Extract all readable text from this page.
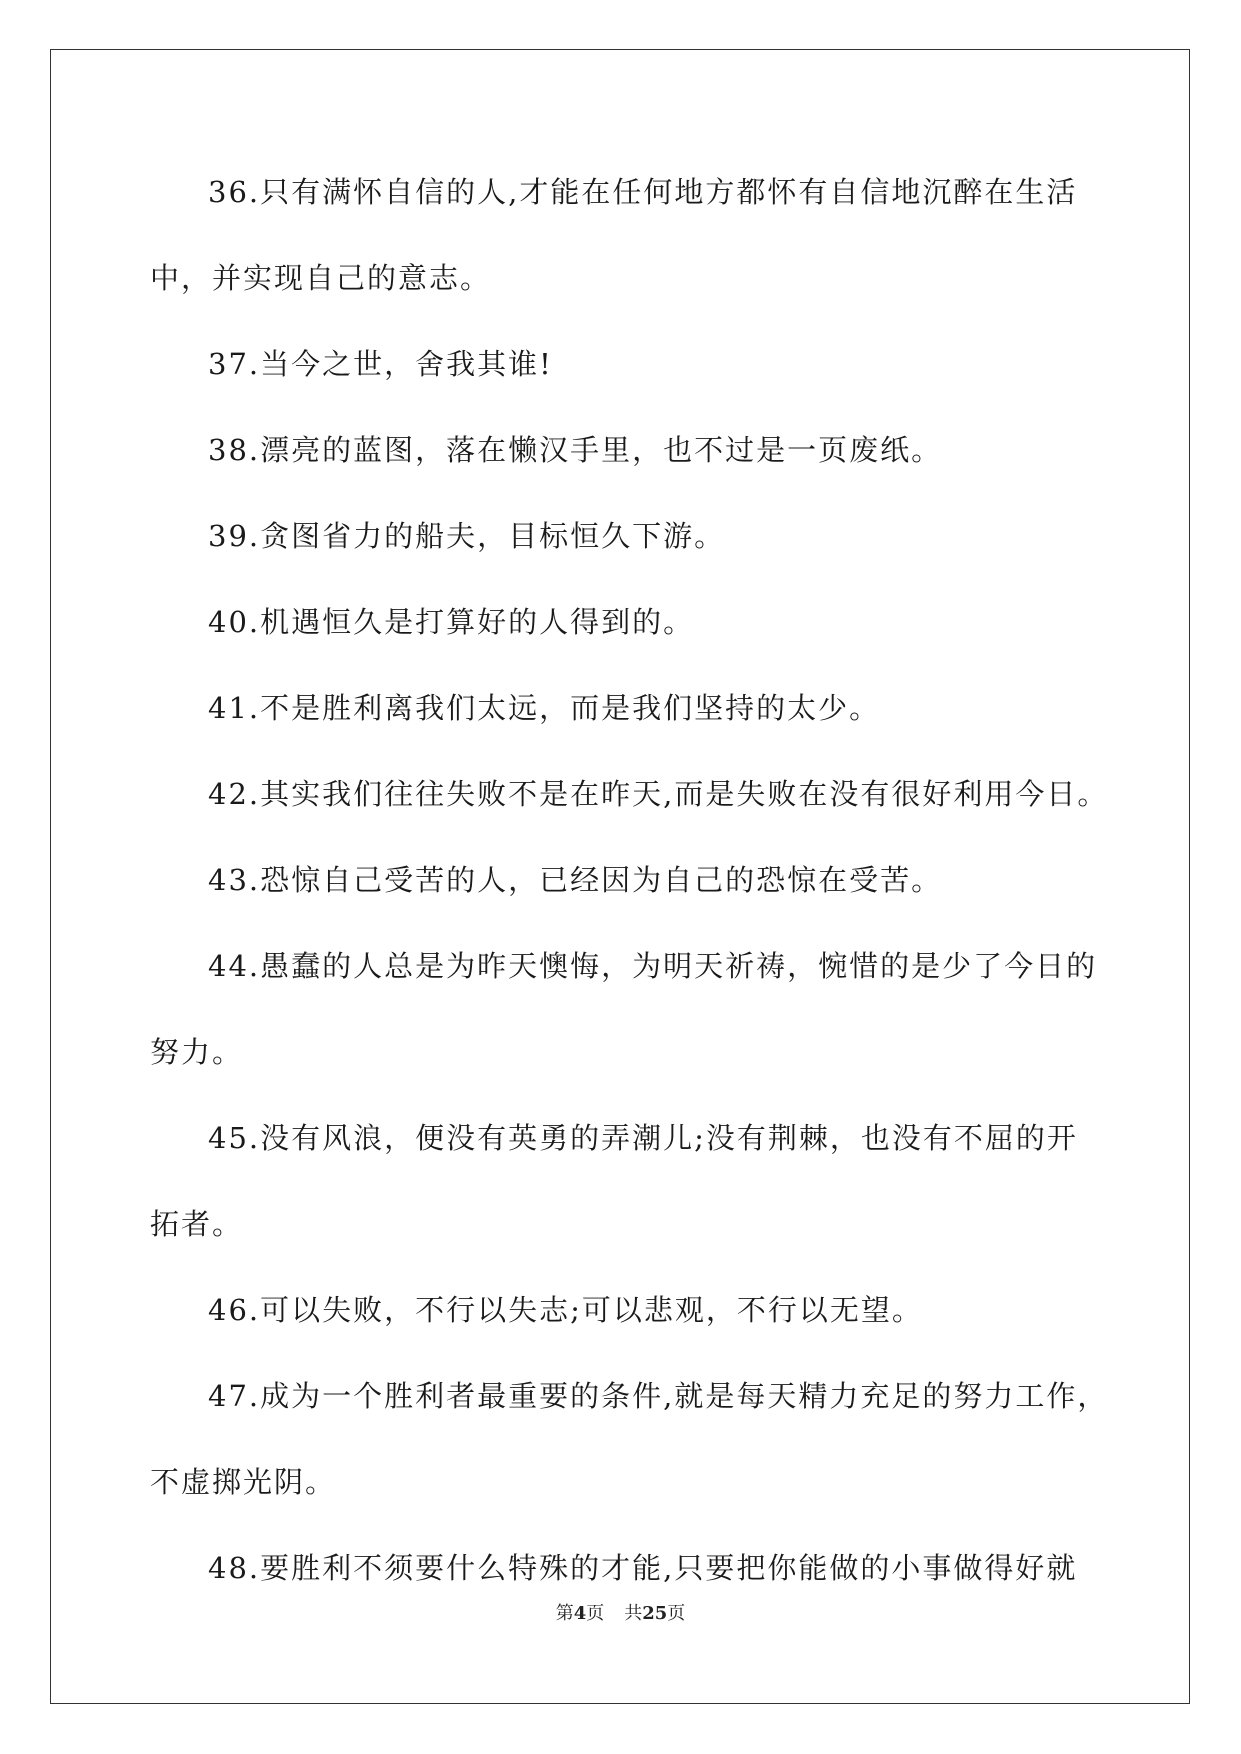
36.只有满怀自信的人,才能在任何地方都怀有自信地沉醉在生活
中，并实现自己的意志。
37.当今之世，舍我其谁!
38.漂亮的蓝图，落在懒汉手里，也不过是一页废纸。
39.贪图省力的船夫，目标恒久下游。
40.机遇恒久是打算好的人得到的。
41.不是胜利离我们太远，而是我们坚持的太少。
42.其实我们往往失败不是在昨天,而是失败在没有很好利用今日。
43.恐惊自己受苦的人，已经因为自己的恐惊在受苦。
44.愚蠢的人总是为昨天懊悔，为明天祈祷，惋惜的是少了今日的
努力。
45.没有风浪，便没有英勇的弄潮儿;没有荆棘，也没有不屈的开
拓者。
46.可以失败，不行以失志;可以悲观，不行以无望。
47.成为一个胜利者最重要的条件,就是每天精力充足的努力工作，
不虚掷光阴。
48.要胜利不须要什么特殊的才能,只要把你能做的小事做得好就
第4页 共25页
